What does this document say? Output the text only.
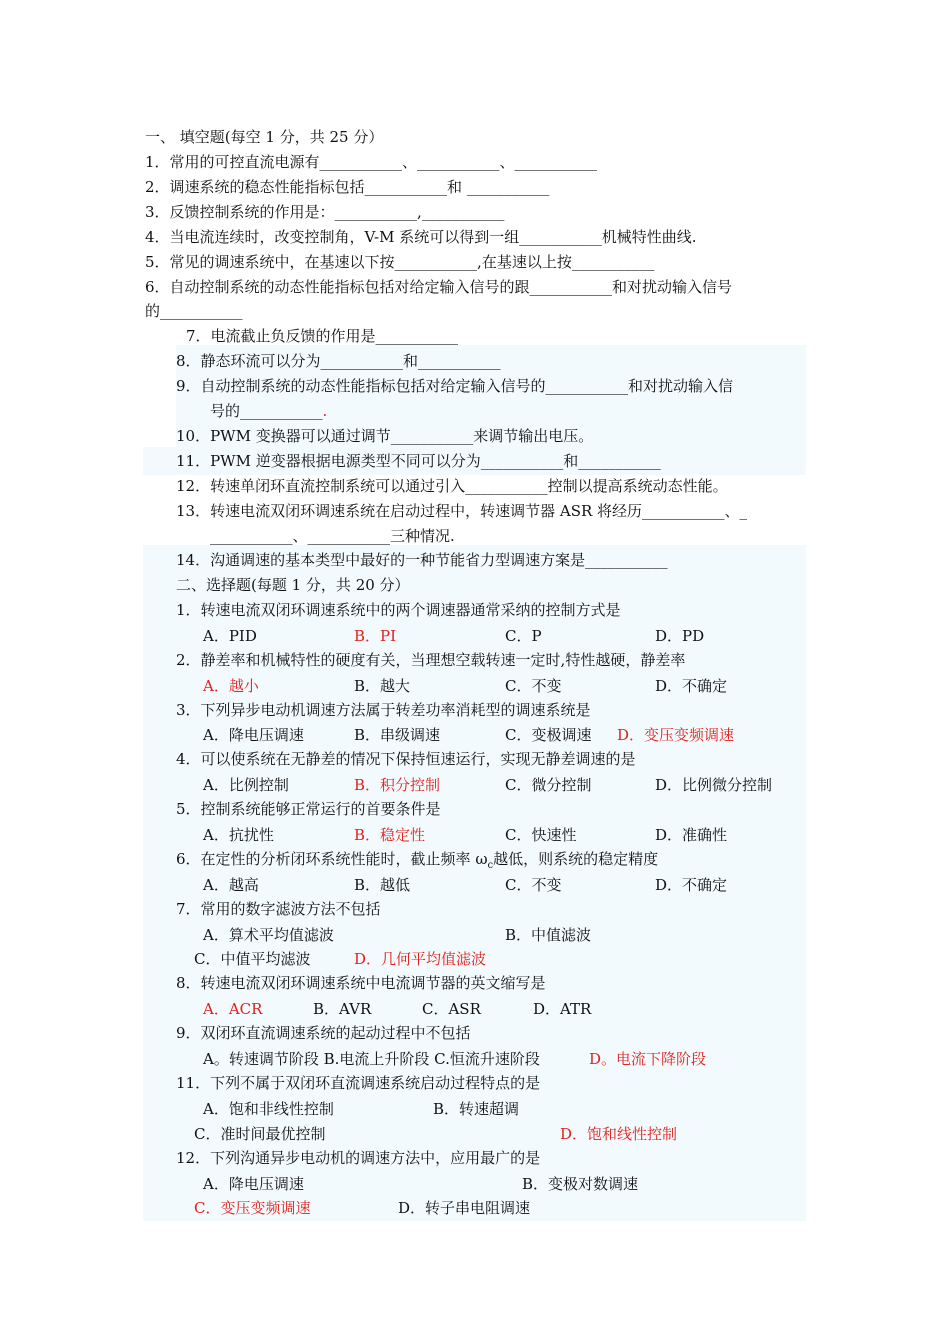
一、 填空题(每空 1 分，共 25 分）
1．常用的可控直流电源有___________、___________、___________
2．调速系统的稳态性能指标包括___________和 ___________
3．反馈控制系统的作用是：___________,___________
4．当电流连续时，改变控制角，V-M 系统可以得到一组___________机械特性曲线.
5．常见的调速系统中，在基速以下按___________,在基速以上按___________
6．自动控制系统的动态性能指标包括对给定输入信号的跟___________和对扰动输入信号
的___________
7．电流截止负反馈的作用是___________
8．静态环流可以分为___________和___________
9．自动控制系统的动态性能指标包括对给定输入信号的___________和对扰动输入信
号的___________.
10．PWM 变换器可以通过调节___________来调节输出电压。
11．PWM 逆变器根据电源类型不同可以分为___________和___________
12．转速单闭环直流控制系统可以通过引入___________控制以提高系统动态性能。
13．转速电流双闭环调速系统在启动过程中，转速调节器 ASR 将经历___________、_
___________、___________三种情况.
14．沟通调速的基本类型中最好的一种节能省力型调速方案是___________
二、选择题(每题 1 分，共 20 分）
1．转速电流双闭环调速系统中的两个调速器通常采纳的控制方式是
A．PID	B．PI	C．P	D．PD
2．静差率和机械特性的硬度有关，当理想空载转速一定时,特性越硬，静差率
A．越小	B．越大	C．不变	D．不确定
3．下列异步电动机调速方法属于转差功率消耗型的调速系统是
A．降电压调速	B．串级调速	C．变极调速 D．变压变频调速
4．可以使系统在无静差的情况下保持恒速运行，实现无静差调速的是
A．比例控制	B．积分控制	C．微分控制	D．比例微分控制
5．控制系统能够正常运行的首要条件是
A．抗扰性	B．稳定性	C．快速性	D．准确性
6．在定性的分析闭环系统性能时，截止频率 $\omega_c$越低，则系统的稳定精度
A．越高	B．越低	C．不变	D．不确定
7．常用的数字滤波方法不包括
A．算术平均值滤波	B．中值滤波
C．中值平均滤波	D．几何平均值滤波
8．转速电流双闭环调速系统中电流调节器的英文缩写是
A．ACR	B．AVR	C．ASR	D．ATR
9．双闭环直流调速系统的起动过程中不包括
A。转速调节阶段 B.电流上升阶段 C.恒流升速阶段	D。电流下降阶段
11．下列不属于双闭环直流调速系统启动过程特点的是
A．饱和非线性控制	B．转速超调
C．准时间最优控制	D．饱和线性控制
12．下列沟通异步电动机的调速方法中，应用最广的是
A．降电压调速	B．变极对数调速
C．变压变频调速	D．转子串电阻调速
